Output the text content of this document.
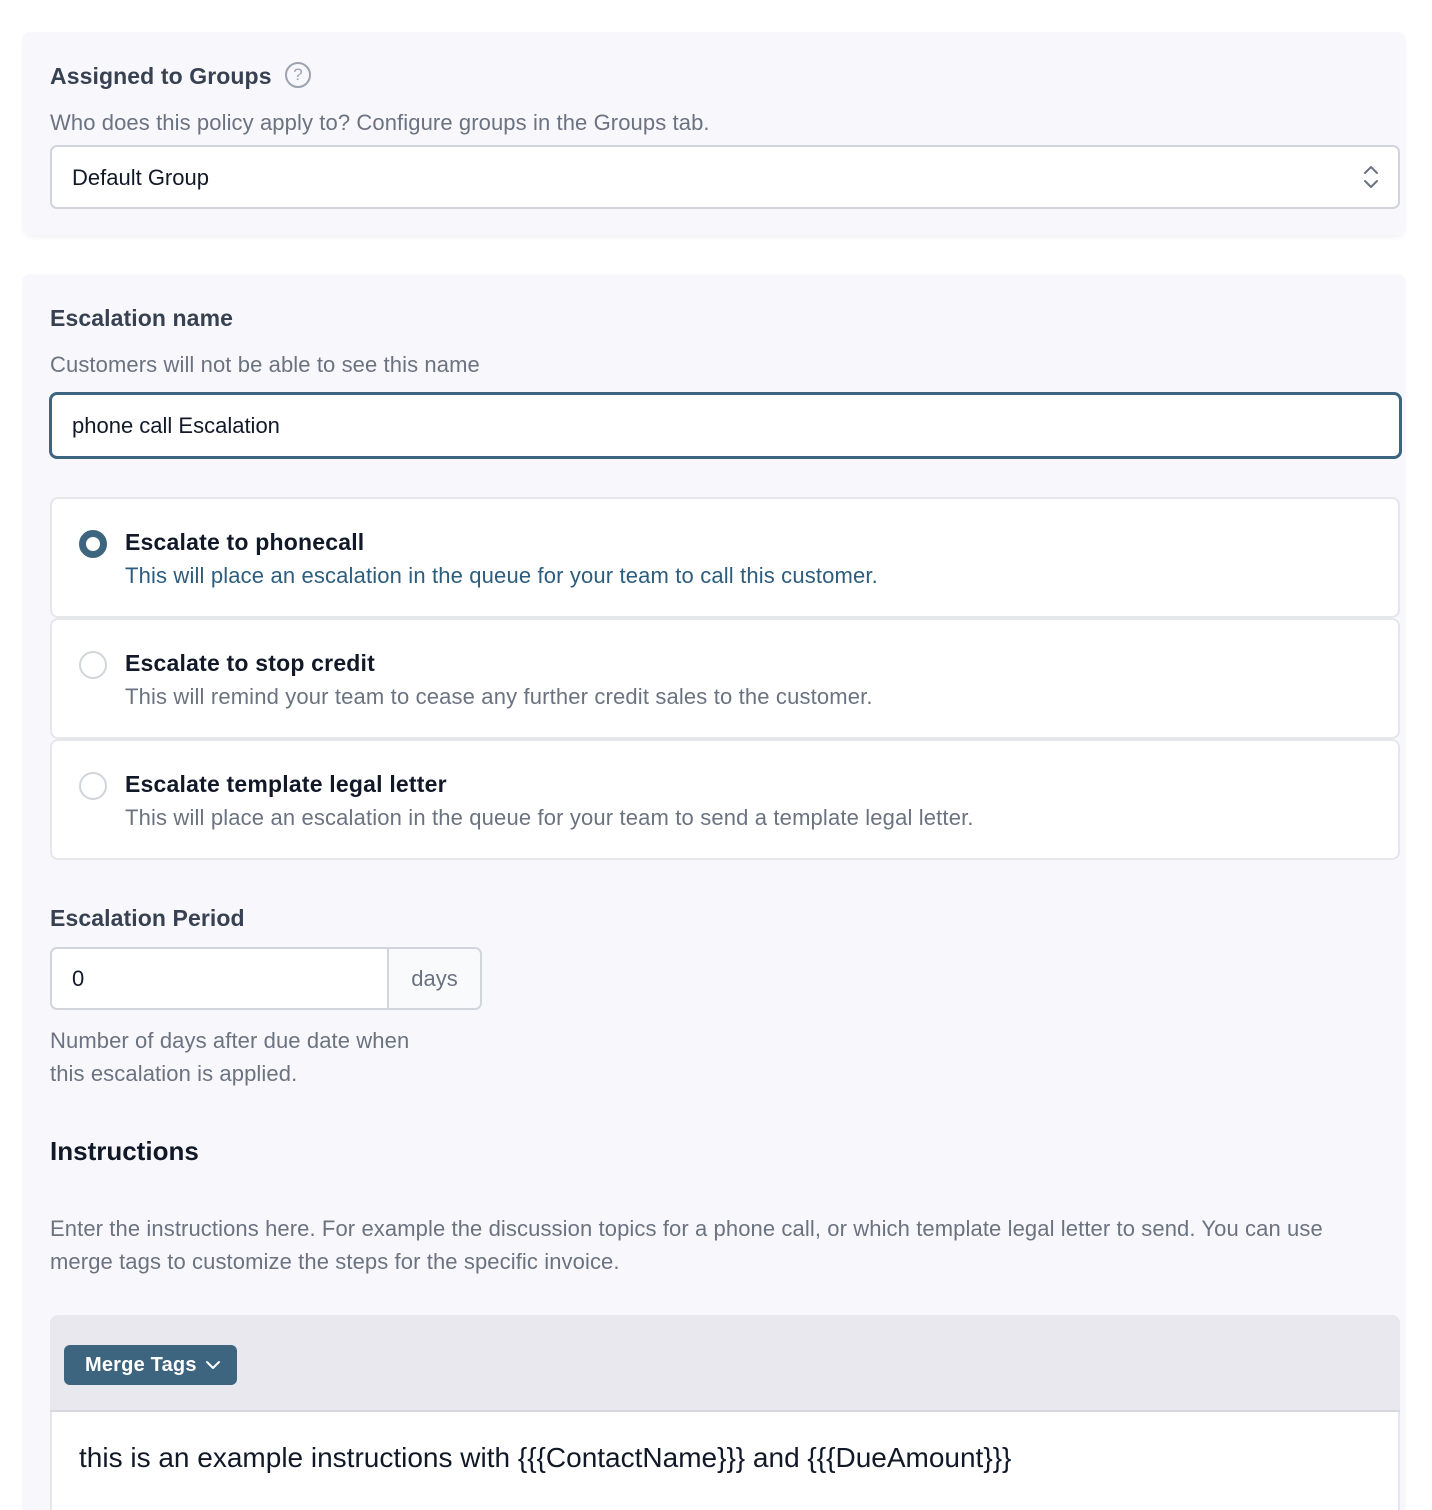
Assigned to Groups	?
Who does this policy apply to? Configure groups in the Groups tab.
Default Group
Escalation name
Customers will not be able to see this name
phone call Escalation
Escalate to phonecall
This will place an escalation in the queue for your team to call this customer.
Escalate to stop credit
This will remind your team to cease any further credit sales to the customer.
Escalate template legal letter
This will place an escalation in the queue for your team to send a template legal letter.
Escalation Period
0	days
Number of days after due date when
this escalation is applied.
Instructions

Enter the instructions here. For example the discussion topics for a phone call, or which template legal letter to send. You can use merge tags to customize the steps for the specific invoice.

Merge Tags
this is an example instructions with {{{ContactName}}} and {{{DueAmount}}}
